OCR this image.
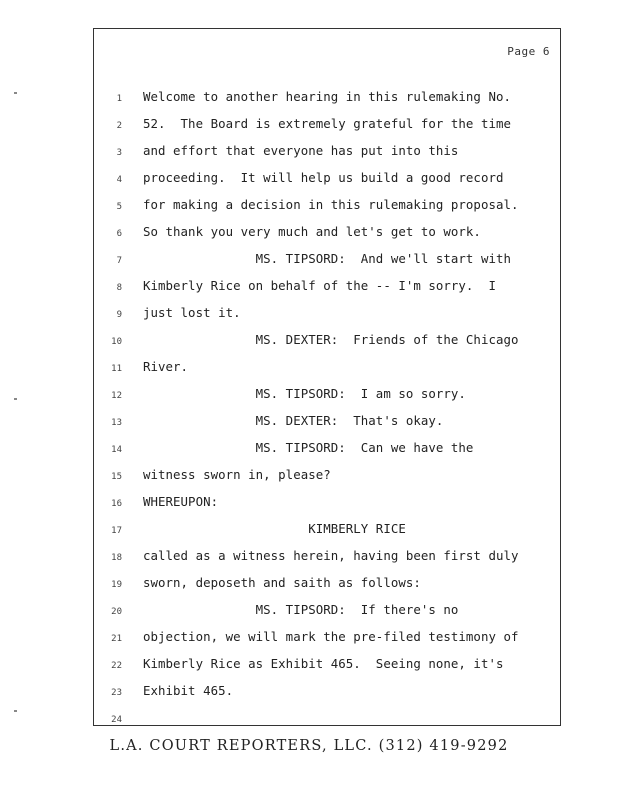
Page 6
1 Welcome to another hearing in this rulemaking No.
2 52.  The Board is extremely grateful for the time
3 and effort that everyone has put into this
4 proceeding.  It will help us build a good record
5 for making a decision in this rulemaking proposal.
6 So thank you very much and let's get to work.
7 MS. TIPSORD:  And we'll start with
8 Kimberly Rice on behalf of the -- I'm sorry.  I
9 just lost it.
10 MS. DEXTER:  Friends of the Chicago
11 River.
12 MS. TIPSORD:  I am so sorry.
13 MS. DEXTER:  That's okay.
14 MS. TIPSORD:  Can we have the
15 witness sworn in, please?
16 WHEREUPON:
17 KIMBERLY RICE
18 called as a witness herein, having been first duly
19 sworn, deposeth and saith as follows:
20 MS. TIPSORD:  If there's no
21 objection, we will mark the pre-filed testimony of
22 Kimberly Rice as Exhibit 465.  Seeing none, it's
23 Exhibit 465.
24
L.A. COURT REPORTERS, LLC. (312) 419-9292
